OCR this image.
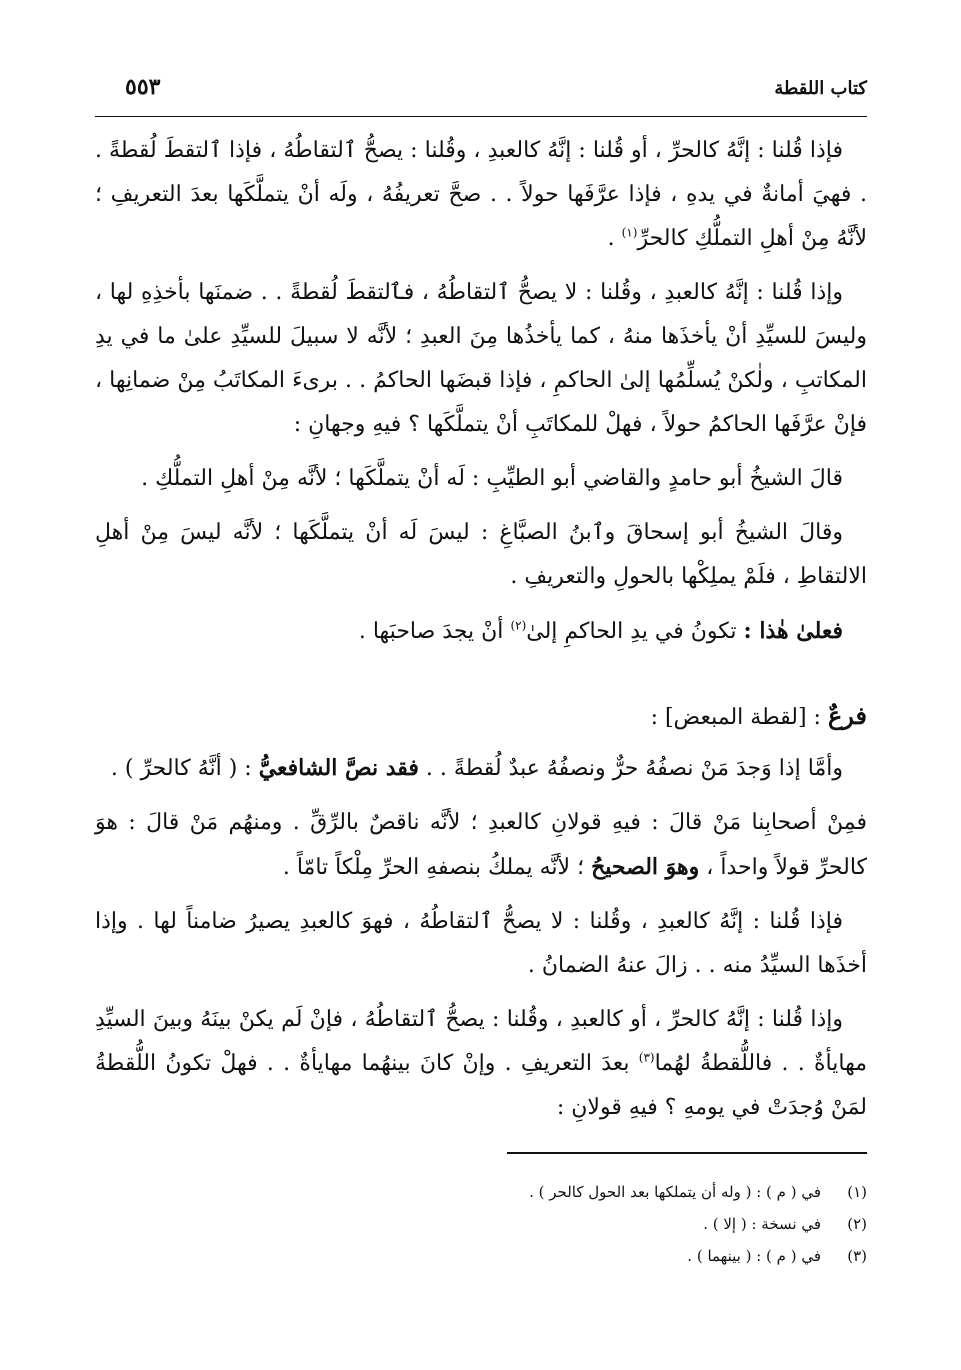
كتاب اللقطة
٥٥٣

فإذا قُلنا : إنَّهُ كالحرِّ ، أو قُلنا : إنَّهُ كالعبدِ ، وقُلنا : يصحُّ ٱلتقاطُهُ ، فإذا ٱلتقطَ لُقطةً . . فهيَ أمانةٌ في يدهِ ، فإذا عرَّفَها حولاً . . صحَّ تعريفُهُ ، ولَه أنْ يتملَّكَها بعدَ التعريفِ ؛ لأنَّهُ مِنْ أهلِ التملُّكِ كالحرِّ$^{(١)}$ .

وإذا قُلنا : إنَّهُ كالعبدِ ، وقُلنا : لا يصحُّ ٱلتقاطُهُ ، فٱلتقطَ لُقطةً . . ضمنَها بأخذِهِ لها ، وليسَ للسيِّدِ أنْ يأخذَها منهُ ، كما يأخذُها مِنَ العبدِ ؛ لأنَّه لا سبيلَ للسيِّدِ علىٰ ما في يدِ المكاتبِ ، ولٰكنْ يُسلِّمُها إلىٰ الحاكمِ ، فإذا قبضَها الحاكمُ . . برىءَ المكاتَبُ مِنْ ضمانِها ، فإنْ عرَّفَها الحاكمُ حولاً ، فهلْ للمكاتَبِ أنْ يتملَّكَها ؟ فيهِ وجهانِ :

قالَ الشيخُ أبو حامدٍ والقاضي أبو الطيِّبِ : لَه أنْ يتملَّكَها ؛ لأنَّه مِنْ أهلِ التملُّكِ .

وقالَ الشيخُ أبو إسحاقَ وٱبنُ الصبَّاغِ : ليسَ لَه أنْ يتملَّكَها ؛ لأنَّه ليسَ مِنْ أهلِ الالتقاطِ ، فلَمْ يملِكْها بالحولِ والتعريفِ .

فعلىٰ هٰذا : تكونُ في يدِ الحاكمِ إلىٰ$^{(٢)}$ أنْ يجدَ صاحبَها .

فرعٌ : [لقطة المبعض] :

وأمَّا إذا وَجدَ مَنْ نصفُهُ حرٌّ ونصفُهُ عبدٌ لُقطةً . . فقد نصَّ الشافعيُّ : ( أنَّهُ كالحرِّ ) .

فمِنْ أصحابِنا مَنْ قالَ : فيهِ قولانِ كالعبدِ ؛ لأنَّه ناقصٌ بالرِّقِّ . ومنهُم مَنْ قالَ : هوَ كالحرِّ قولاً واحداً ، وهوَ الصحيحُ ؛ لأنَّه يملكُ بنصفهِ الحرِّ مِلْكاً تامّاً .

فإذا قُلنا : إنَّهُ كالعبدِ ، وقُلنا : لا يصحُّ ٱلتقاطُهُ ، فهوَ كالعبدِ يصيرُ ضامناً لها . وإذا أخذَها السيِّدُ منه . . زالَ عنهُ الضمانُ .

وإذا قُلنا : إنَّهُ كالحرِّ ، أو كالعبدِ ، وقُلنا : يصحُّ ٱلتقاطُهُ ، فإنْ لَم يكنْ بينَهُ وبينَ السيِّدِ مهايأةٌ . . فاللُّقطةُ لهُما$^{(٣)}$ بعدَ التعريفِ . وإنْ كانَ بينهُما مهايأةٌ . . فهلْ تكونُ اللُّقطةُ لمَنْ وُجدَتْ في يومهِ ؟ فيهِ قولانِ :

(١)في ( م ) : ( وله أن يتملكها بعد الحول كالحر ) .
(٢)في نسخة : ( إلا ) .
(٣)في ( م ) : ( بينهما ) .
